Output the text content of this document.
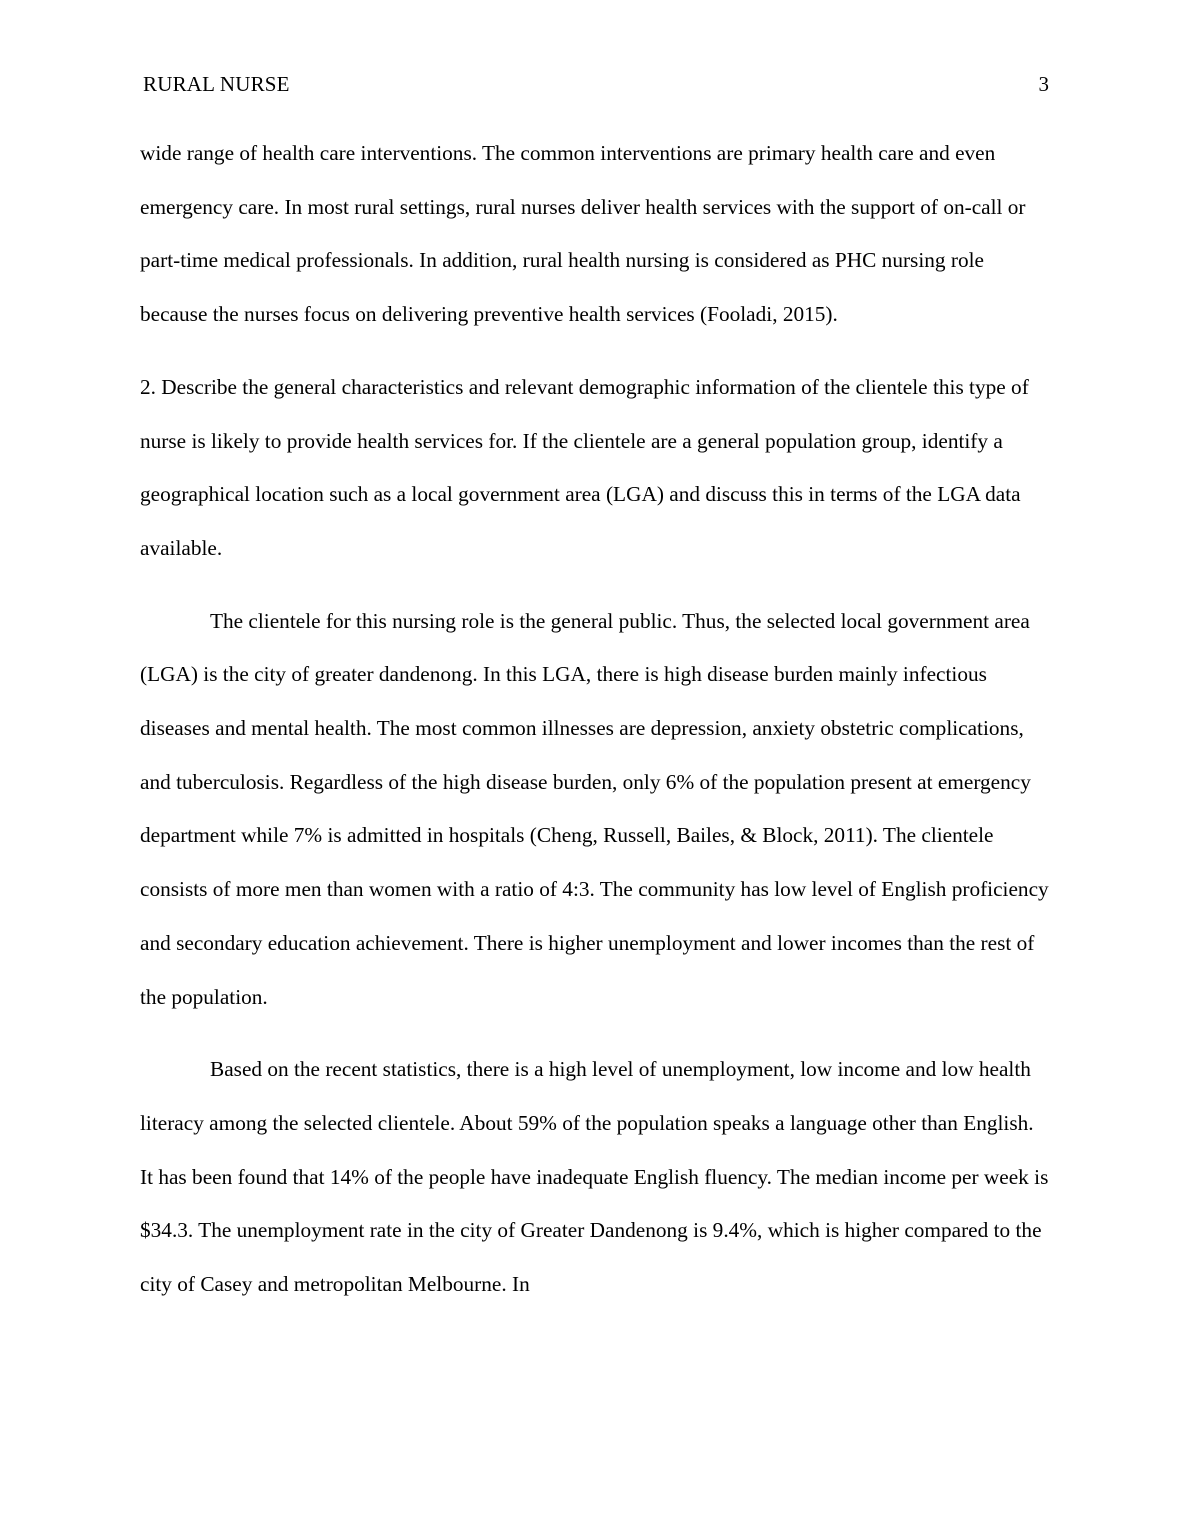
RURAL NURSE	3

wide range of health care interventions. The common interventions are primary health care and even emergency care. In most rural settings, rural nurses deliver health services with the support of on-call or part-time medical professionals. In addition, rural health nursing is considered as PHC nursing role because the nurses focus on delivering preventive health services (Fooladi, 2015).

2. Describe the general characteristics and relevant demographic information of the clientele this type of nurse is likely to provide health services for. If the clientele are a general population group, identify a geographical location such as a local government area (LGA) and discuss this in terms of the LGA data available.

The clientele for this nursing role is the general public. Thus, the selected local government area (LGA) is the city of greater dandenong. In this LGA, there is high disease burden mainly infectious diseases and mental health. The most common illnesses are depression, anxiety obstetric complications, and tuberculosis. Regardless of the high disease burden, only 6% of the population present at emergency department while 7% is admitted in hospitals (Cheng, Russell, Bailes, & Block, 2011). The clientele consists of more men than women with a ratio of 4:3. The community has low level of English proficiency and secondary education achievement. There is higher unemployment and lower incomes than the rest of the population.

Based on the recent statistics, there is a high level of unemployment, low income and low health literacy among the selected clientele. About 59% of the population speaks a language other than English. It has been found that 14% of the people have inadequate English fluency. The median income per week is $34.3. The unemployment rate in the city of Greater Dandenong is 9.4%, which is higher compared to the city of Casey and metropolitan Melbourne. In
